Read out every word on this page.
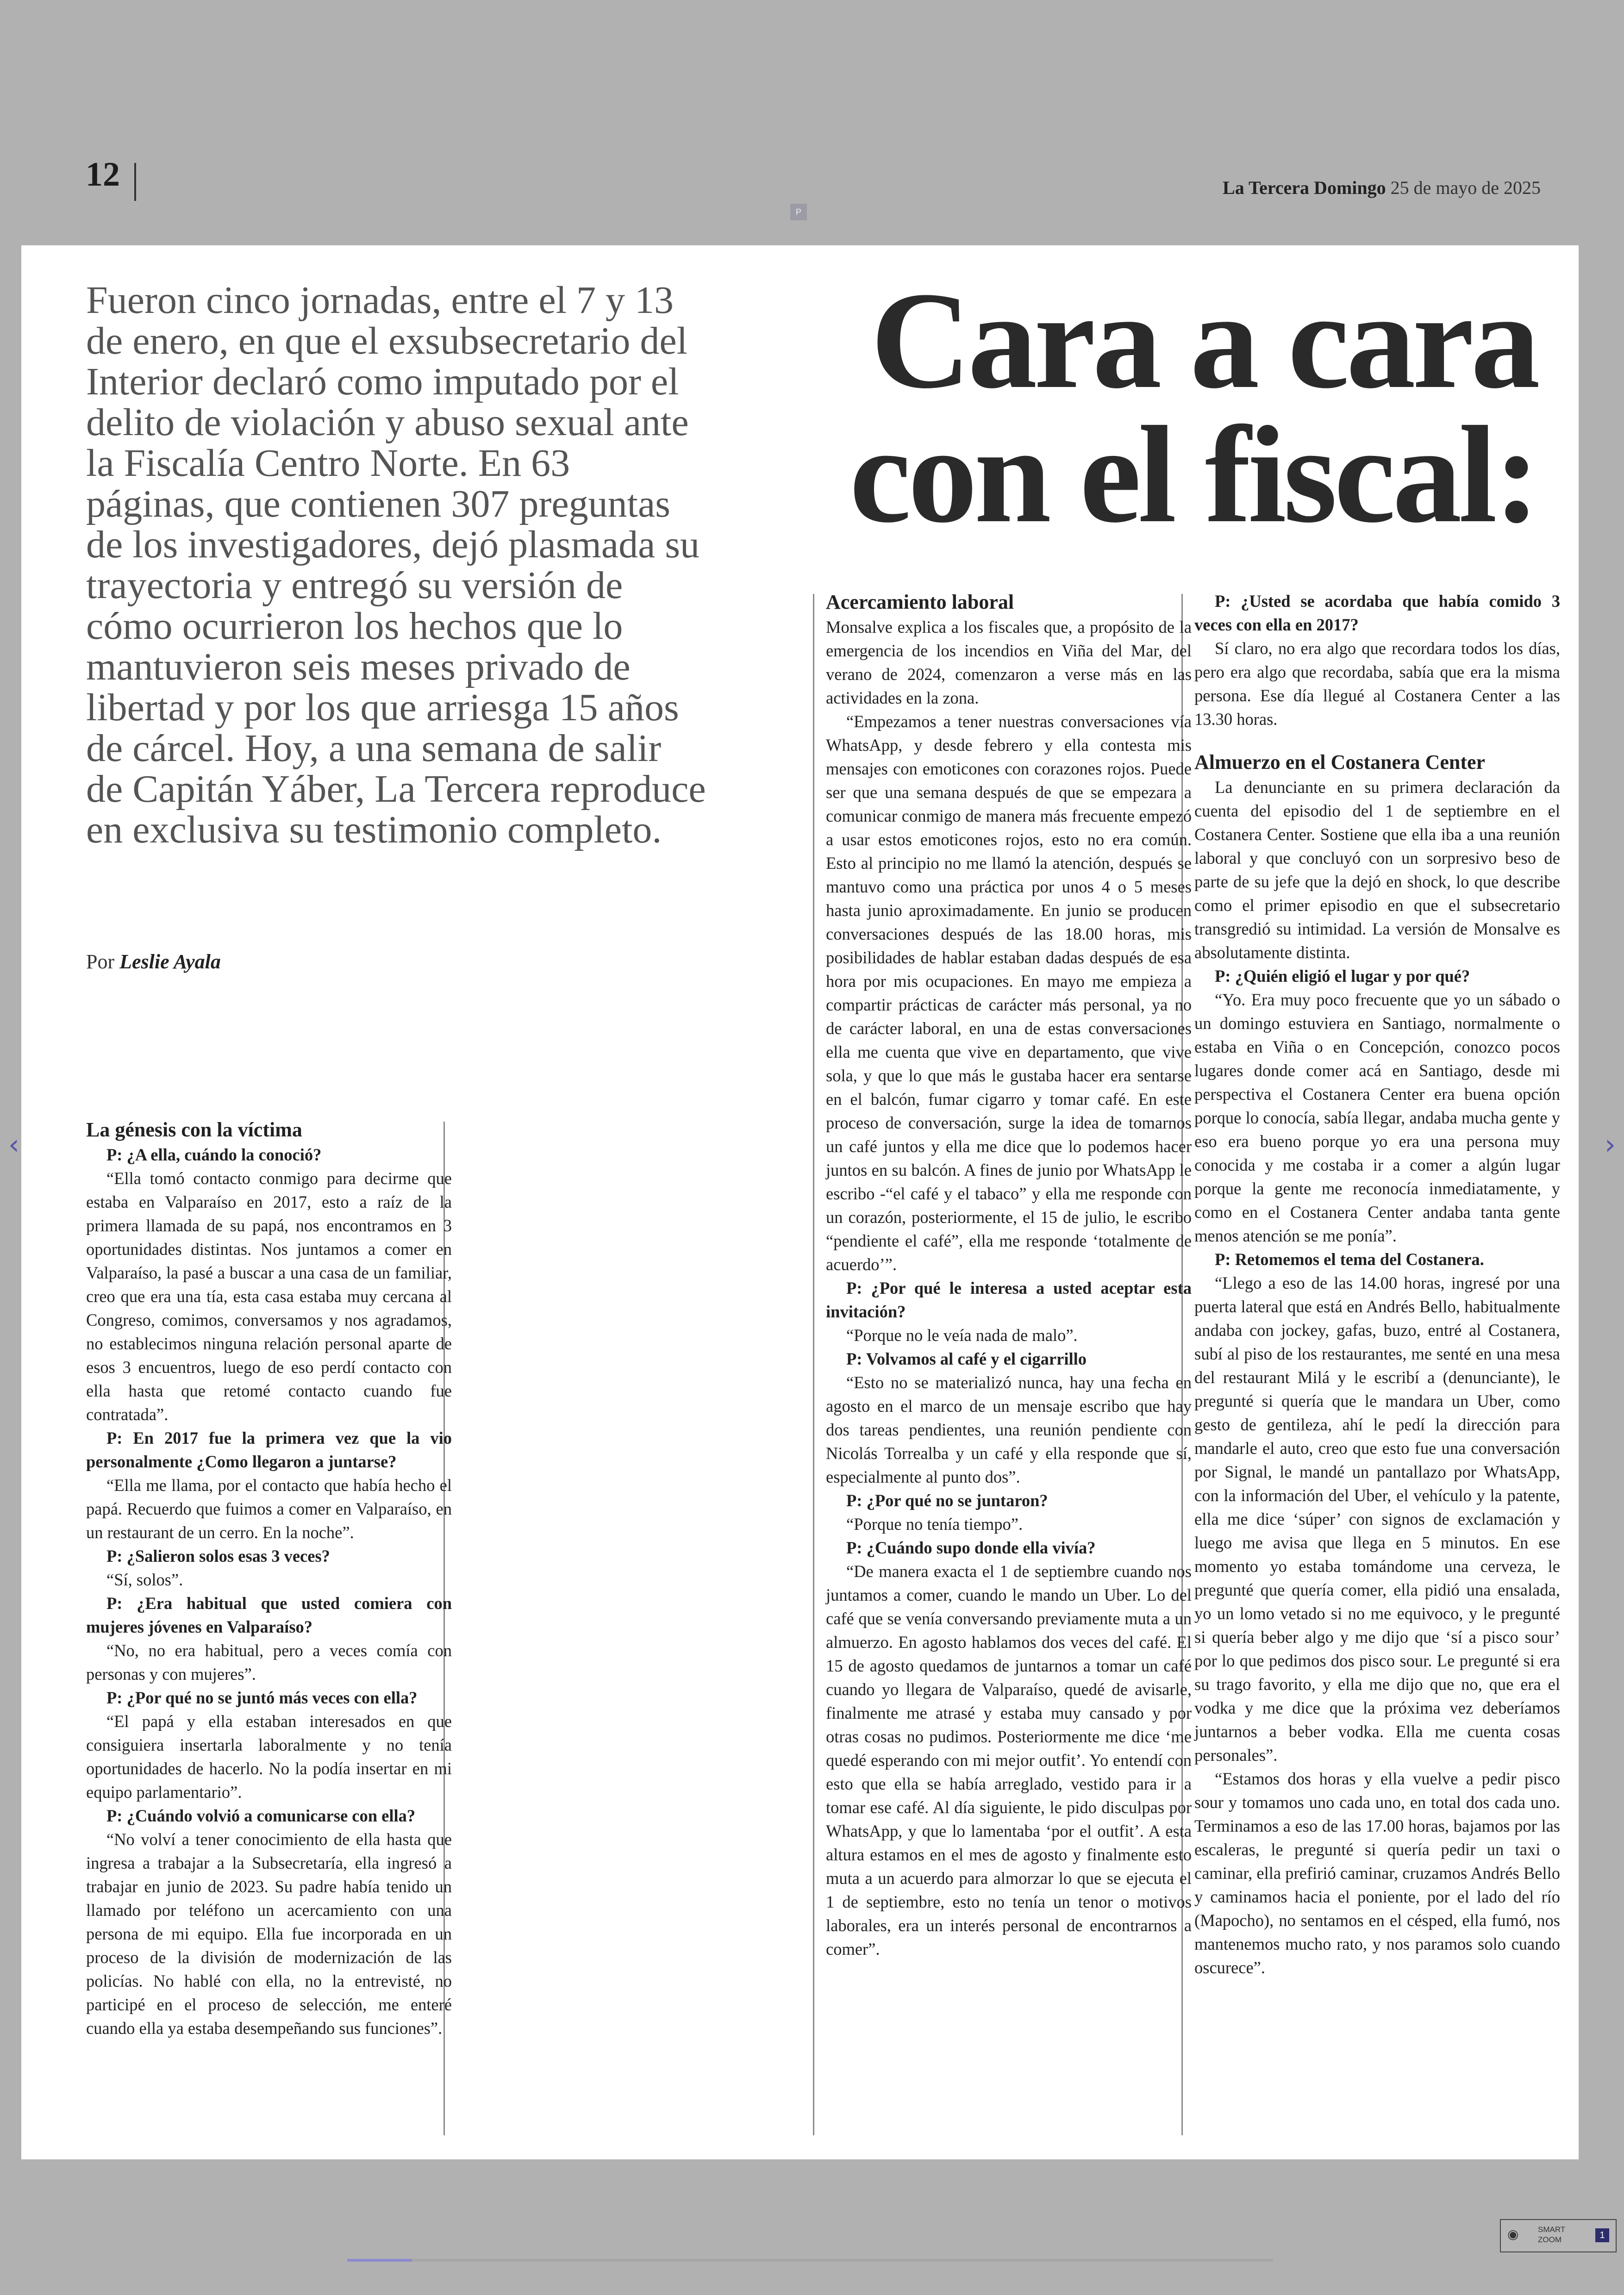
12	La Tercera Domingo 25 de mayo de 2025
P

Fueron cinco jornadas, entre el 7 y 13 de enero, en que el exsubsecretario del Interior declaró como imputado por el delito de violación y abuso sexual ante la Fiscalía Centro Norte. En 63 páginas, que contienen 307 preguntas de los investigadores, dejó plasmada su trayectoria y entregó su versión de cómo ocurrieron los hechos que lo mantuvieron seis meses privado de libertad y por los que arriesga 15 años de cárcel. Hoy, a una semana de salir de Capitán Yáber, La Tercera reproduce en exclusiva su testimonio completo.

Por Leslie Ayala

Cara a cara con el fiscal:
La génesis con la víctima

P: ¿A ella, cuándo la conoció?

“Ella tomó contacto conmigo para decirme que estaba en Valparaíso en 2017, esto a raíz de la primera llamada de su papá, nos encontramos en 3 oportunidades distintas. Nos juntamos a comer en Valparaíso, la pasé a buscar a una casa de un familiar, creo que era una tía, esta casa estaba muy cercana al Congreso, comimos, conversamos y nos agradamos, no establecimos ninguna relación personal aparte de esos 3 encuentros, luego de eso perdí contacto con ella hasta que retomé contacto cuando fue contratada”.

P: En 2017 fue la primera vez que la vio personalmente ¿Como llegaron a juntarse?

“Ella me llama, por el contacto que había hecho el papá. Recuerdo que fuimos a comer en Valparaíso, en un restaurant de un cerro. En la noche”.

P: ¿Salieron solos esas 3 veces?

“Sí, solos”.

P: ¿Era habitual que usted comiera con mujeres jóvenes en Valparaíso?

“No, no era habitual, pero a veces comía con personas y con mujeres”.

P: ¿Por qué no se juntó más veces con ella?

“El papá y ella estaban interesados en que consiguiera insertarla laboralmente y no tenía oportunidades de hacerlo. No la podía insertar en mi equipo parlamentario”.

P: ¿Cuándo volvió a comunicarse con ella?

“No volví a tener conocimiento de ella hasta que ingresa a trabajar a la Subsecretaría, ella ingresó a trabajar en junio de 2023. Su padre había tenido un llamado por teléfono un acercamiento con una persona de mi equipo. Ella fue incorporada en un proceso de la división de modernización de las policías. No hablé con ella, no la entrevisté, no participé en el proceso de selección, me enteré cuando ella ya estaba desempeñando sus funciones”.

Acercamiento laboral

Monsalve explica a los fiscales que, a propósito de la emergencia de los incendios en Viña del Mar, del verano de 2024, comenzaron a verse más en las actividades en la zona.

“Empezamos a tener nuestras conversaciones vía WhatsApp, y desde febrero y ella contesta mis mensajes con emoticones con corazones rojos. Puede ser que una semana después de que se empezara a comunicar conmigo de manera más frecuente empezó a usar estos emoticones rojos, esto no era común. Esto al principio no me llamó la atención, después se mantuvo como una práctica por unos 4 o 5 meses hasta junio aproximadamente. En junio se producen conversaciones después de las 18.00 horas, mis posibilidades de hablar estaban dadas después de esa hora por mis ocupaciones. En mayo me empieza a compartir prácticas de carácter más personal, ya no de carácter laboral, en una de estas conversaciones ella me cuenta que vive en departamento, que vive sola, y que lo que más le gustaba hacer era sentarse en el balcón, fumar cigarro y tomar café. En este proceso de conversación, surge la idea de tomarnos un café juntos y ella me dice que lo podemos hacer juntos en su balcón. A fines de junio por WhatsApp le escribo -“el café y el tabaco” y ella me responde con un corazón, posteriormente, el 15 de julio, le escribo “pendiente el café”, ella me responde ‘totalmente de acuerdo’”.

P: ¿Por qué le interesa a usted aceptar esta invitación?

“Porque no le veía nada de malo”.

P: Volvamos al café y el cigarrillo

“Esto no se materializó nunca, hay una fecha en agosto en el marco de un mensaje escribo que hay dos tareas pendientes, una reunión pendiente con Nicolás Torrealba y un café y ella responde que sí, especialmente al punto dos”.

P: ¿Por qué no se juntaron?

“Porque no tenía tiempo”.

P: ¿Cuándo supo donde ella vivía?

“De manera exacta el 1 de septiembre cuando nos juntamos a comer, cuando le mando un Uber. Lo del café que se venía conversando previamente muta a un almuerzo. En agosto hablamos dos veces del café. El 15 de agosto quedamos de juntarnos a tomar un café cuando yo llegara de Valparaíso, quedé de avisarle, finalmente me atrasé y estaba muy cansado y por otras cosas no pudimos. Posteriormente me dice ‘me quedé esperando con mi mejor outfit’. Yo entendí con esto que ella se había arreglado, vestido para ir a tomar ese café. Al día siguiente, le pido disculpas por WhatsApp, y que lo lamentaba ‘por el outfit’. A esta altura estamos en el mes de agosto y finalmente esto muta a un acuerdo para almorzar lo que se ejecuta el 1 de septiembre, esto no tenía un tenor o motivos laborales, era un interés personal de encontrarnos a comer”.

P: ¿Usted se acordaba que había comido 3 veces con ella en 2017?

Sí claro, no era algo que recordara todos los días, pero era algo que recordaba, sabía que era la misma persona. Ese día llegué al Costanera Center a las 13.30 horas.

Almuerzo en el Costanera Center

La denunciante en su primera declaración da cuenta del episodio del 1 de septiembre en el Costanera Center. Sostiene que ella iba a una reunión laboral y que concluyó con un sorpresivo beso de parte de su jefe que la dejó en shock, lo que describe como el primer episodio en que el subsecretario transgredió su intimidad. La versión de Monsalve es absolutamente distinta.

P: ¿Quién eligió el lugar y por qué?

“Yo. Era muy poco frecuente que yo un sábado o un domingo estuviera en Santiago, normalmente o estaba en Viña o en Concepción, conozco pocos lugares donde comer acá en Santiago, desde mi perspectiva el Costanera Center era buena opción porque lo conocía, sabía llegar, andaba mucha gente y eso era bueno porque yo era una persona muy conocida y me costaba ir a comer a algún lugar porque la gente me reconocía inmediatamente, y como en el Costanera Center andaba tanta gente menos atención se me ponía”.

P: Retomemos el tema del Costanera.

“Llego a eso de las 14.00 horas, ingresé por una puerta lateral que está en Andrés Bello, habitualmente andaba con jockey, gafas, buzo, entré al Costanera, subí al piso de los restaurantes, me senté en una mesa del restaurant Milá y le escribí a (denunciante), le pregunté si quería que le mandara un Uber, como gesto de gentileza, ahí le pedí la dirección para mandarle el auto, creo que esto fue una conversación por Signal, le mandé un pantallazo por WhatsApp, con la información del Uber, el vehículo y la patente, ella me dice ‘súper’ con signos de exclamación y luego me avisa que llega en 5 minutos. En ese momento yo estaba tomándome una cerveza, le pregunté que quería comer, ella pidió una ensalada, yo un lomo vetado si no me equivoco, y le pregunté si quería beber algo y me dijo que ‘sí a pisco sour’ por lo que pedimos dos pisco sour. Le pregunté si era su trago favorito, y ella me dijo que no, que era el vodka y me dice que la próxima vez deberíamos juntarnos a beber vodka. Ella me cuenta cosas personales”.

“Estamos dos horas y ella vuelve a pedir pisco sour y tomamos uno cada uno, en total dos cada uno. Terminamos a eso de las 17.00 horas, bajamos por las escaleras, le pregunté si quería pedir un taxi o caminar, ella prefirió caminar, cruzamos Andrés Bello y caminamos hacia el poniente, por el lado del río (Mapocho), no sentamos en el césped, ella fumó, nos mantenemos mucho rato, y nos paramos solo cuando oscurece”.

‹	›
◉ SMART
ZOOM	1
